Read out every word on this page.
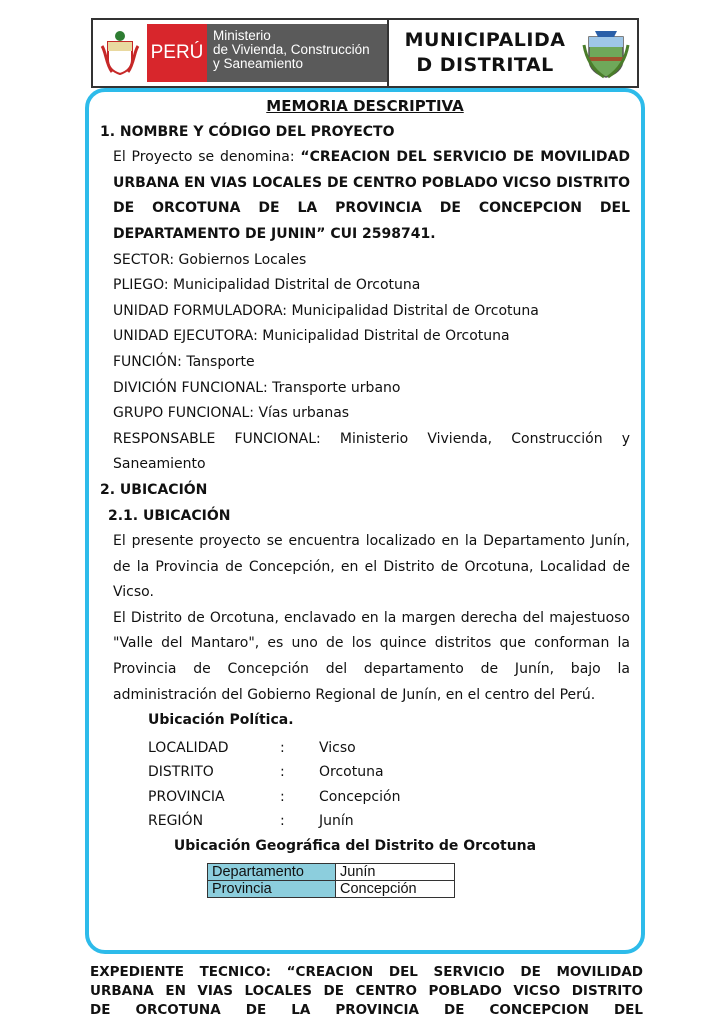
PERÚ
Ministerio
de Vivienda, Construcción
y Saneamiento
MUNICIPALIDA
D DISTRITAL
MEMORIA DESCRIPTIVA
1. NOMBRE Y CÓDIGO DEL PROYECTO
El Proyecto se denomina: “CREACION DEL SERVICIO DE MOVILIDAD URBANA EN VIAS LOCALES DE CENTRO POBLADO VICSO DISTRITO DE ORCOTUNA DE LA PROVINCIA DE CONCEPCION DEL DEPARTAMENTO DE JUNIN” CUI 2598741.
SECTOR: Gobiernos Locales
PLIEGO: Municipalidad Distrital de Orcotuna
UNIDAD FORMULADORA: Municipalidad Distrital de Orcotuna
UNIDAD EJECUTORA: Municipalidad Distrital de Orcotuna
FUNCIÓN: Tansporte
DIVICIÓN FUNCIONAL: Transporte urbano
GRUPO FUNCIONAL: Vías urbanas
RESPONSABLE FUNCIONAL: Ministerio Vivienda, Construcción y Saneamiento
2. UBICACIÓN
2.1. UBICACIÓN
El presente proyecto se encuentra localizado en la Departamento Junín, de la Provincia de Concepción, en el Distrito de Orcotuna, Localidad de Vicso.
El Distrito de Orcotuna, enclavado en la margen derecha del majestuoso "Valle del Mantaro", es uno de los quince distritos que conforman la Provincia de Concepción del departamento de Junín, bajo la administración del Gobierno Regional de Junín, en el centro del Perú.
Ubicación Política.
LOCALIDAD	:	Vicso
DISTRITO	:	Orcotuna
PROVINCIA	:	Concepción
REGIÓN	:	Junín
Ubicación Geográfica del Distrito de Orcotuna
Departamento	Junín
Provincia	Concepción
EXPEDIENTE TECNICO: “CREACION DEL SERVICIO DE MOVILIDAD
URBANA EN VIAS LOCALES DE CENTRO POBLADO VICSO DISTRITO
DE ORCOTUNA DE LA PROVINCIA DE CONCEPCION DEL
